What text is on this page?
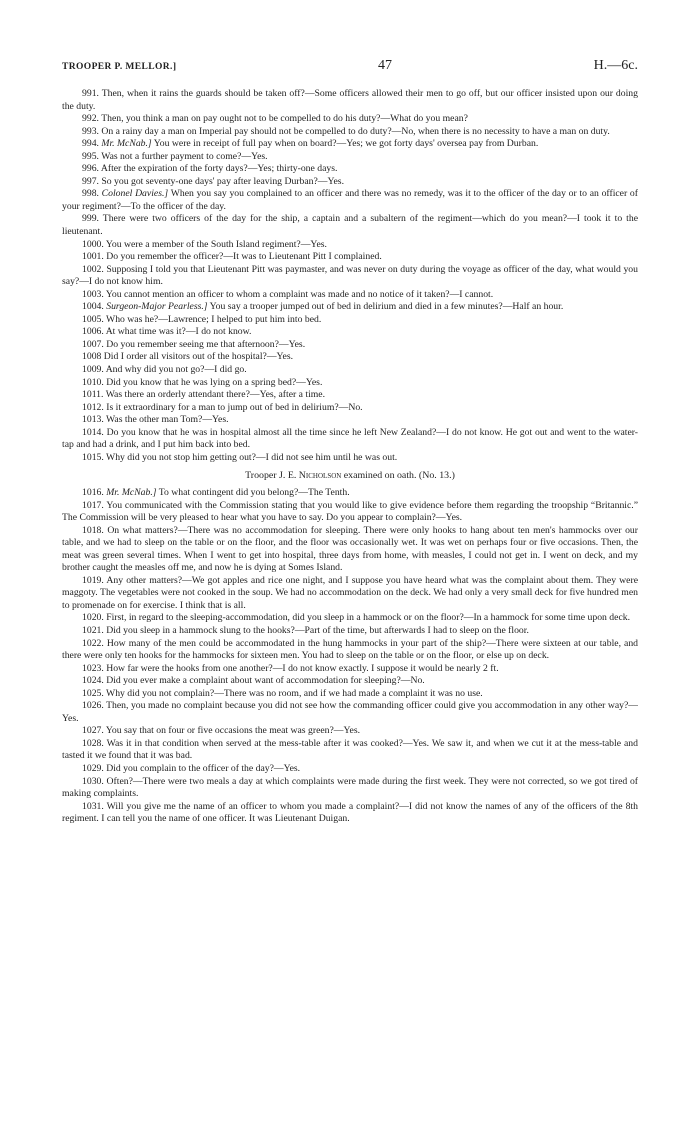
TROOPER P. MELLOR.]	47	H.—6c.

991. Then, when it rains the guards should be taken off?—Some officers allowed their men to go off, but our officer insisted upon our doing the duty.

992. Then, you think a man on pay ought not to be compelled to do his duty?—What do you mean?

993. On a rainy day a man on Imperial pay should not be compelled to do duty?—No, when there is no necessity to have a man on duty.

994. Mr. McNab.] You were in receipt of full pay when on board?—Yes; we got forty days' oversea pay from Durban.

995. Was not a further payment to come?—Yes.

996. After the expiration of the forty days?—Yes; thirty-one days.

997. So you got seventy-one days' pay after leaving Durban?—Yes.

998. Colonel Davies.] When you say you complained to an officer and there was no remedy, was it to the officer of the day or to an officer of your regiment?—To the officer of the day.

999. There were two officers of the day for the ship, a captain and a subaltern of the regiment—which do you mean?—I took it to the lieutenant.

1000. You were a member of the South Island regiment?—Yes.

1001. Do you remember the officer?—It was to Lieutenant Pitt I complained.

1002. Supposing I told you that Lieutenant Pitt was paymaster, and was never on duty during the voyage as officer of the day, what would you say?—I do not know him.

1003. You cannot mention an officer to whom a complaint was made and no notice of it taken?—I cannot.

1004. Surgeon-Major Pearless.] You say a trooper jumped out of bed in delirium and died in a few minutes?—Half an hour.

1005. Who was he?—Lawrence; I helped to put him into bed.

1006. At what time was it?—I do not know.

1007. Do you remember seeing me that afternoon?—Yes.

1008 Did I order all visitors out of the hospital?—Yes.

1009. And why did you not go?—I did go.

1010. Did you know that he was lying on a spring bed?—Yes.

1011. Was there an orderly attendant there?—Yes, after a time.

1012. Is it extraordinary for a man to jump out of bed in delirium?—No.

1013. Was the other man Tom?—Yes.

1014. Do you know that he was in hospital almost all the time since he left New Zealand?—I do not know. He got out and went to the water-tap and had a drink, and I put him back into bed.

1015. Why did you not stop him getting out?—I did not see him until he was out.

Trooper J. E. Nicholson examined on oath. (No. 13.)

1016. Mr. McNab.] To what contingent did you belong?—The Tenth.

1017. You communicated with the Commission stating that you would like to give evidence before them regarding the troopship “Britannic.” The Commission will be very pleased to hear what you have to say. Do you appear to complain?—Yes.

1018. On what matters?—There was no accommodation for sleeping. There were only hooks to hang about ten men's hammocks over our table, and we had to sleep on the table or on the floor, and the floor was occasionally wet. It was wet on perhaps four or five occasions. Then, the meat was green several times. When I went to get into hospital, three days from home, with measles, I could not get in. I went on deck, and my brother caught the measles off me, and now he is dying at Somes Island.

1019. Any other matters?—We got apples and rice one night, and I suppose you have heard what was the complaint about them. They were maggoty. The vegetables were not cooked in the soup. We had no accommodation on the deck. We had only a very small deck for five hundred men to promenade on for exercise. I think that is all.

1020. First, in regard to the sleeping-accommodation, did you sleep in a hammock or on the floor?—In a hammock for some time upon deck.

1021. Did you sleep in a hammock slung to the hooks?—Part of the time, but afterwards I had to sleep on the floor.

1022. How many of the men could be accommodated in the hung hammocks in your part of the ship?—There were sixteen at our table, and there were only ten hooks for the hammocks for sixteen men. You had to sleep on the table or on the floor, or else up on deck.

1023. How far were the hooks from one another?—I do not know exactly. I suppose it would be nearly 2 ft.

1024. Did you ever make a complaint about want of accommodation for sleeping?—No.

1025. Why did you not complain?—There was no room, and if we had made a complaint it was no use.

1026. Then, you made no complaint because you did not see how the commanding officer could give you accommodation in any other way?—Yes.

1027. You say that on four or five occasions the meat was green?—Yes.

1028. Was it in that condition when served at the mess-table after it was cooked?—Yes. We saw it, and when we cut it at the mess-table and tasted it we found that it was bad.

1029. Did you complain to the officer of the day?—Yes.

1030. Often?—There were two meals a day at which complaints were made during the first week. They were not corrected, so we got tired of making complaints.

1031. Will you give me the name of an officer to whom you made a complaint?—I did not know the names of any of the officers of the 8th regiment. I can tell you the name of one officer. It was Lieutenant Duigan.
